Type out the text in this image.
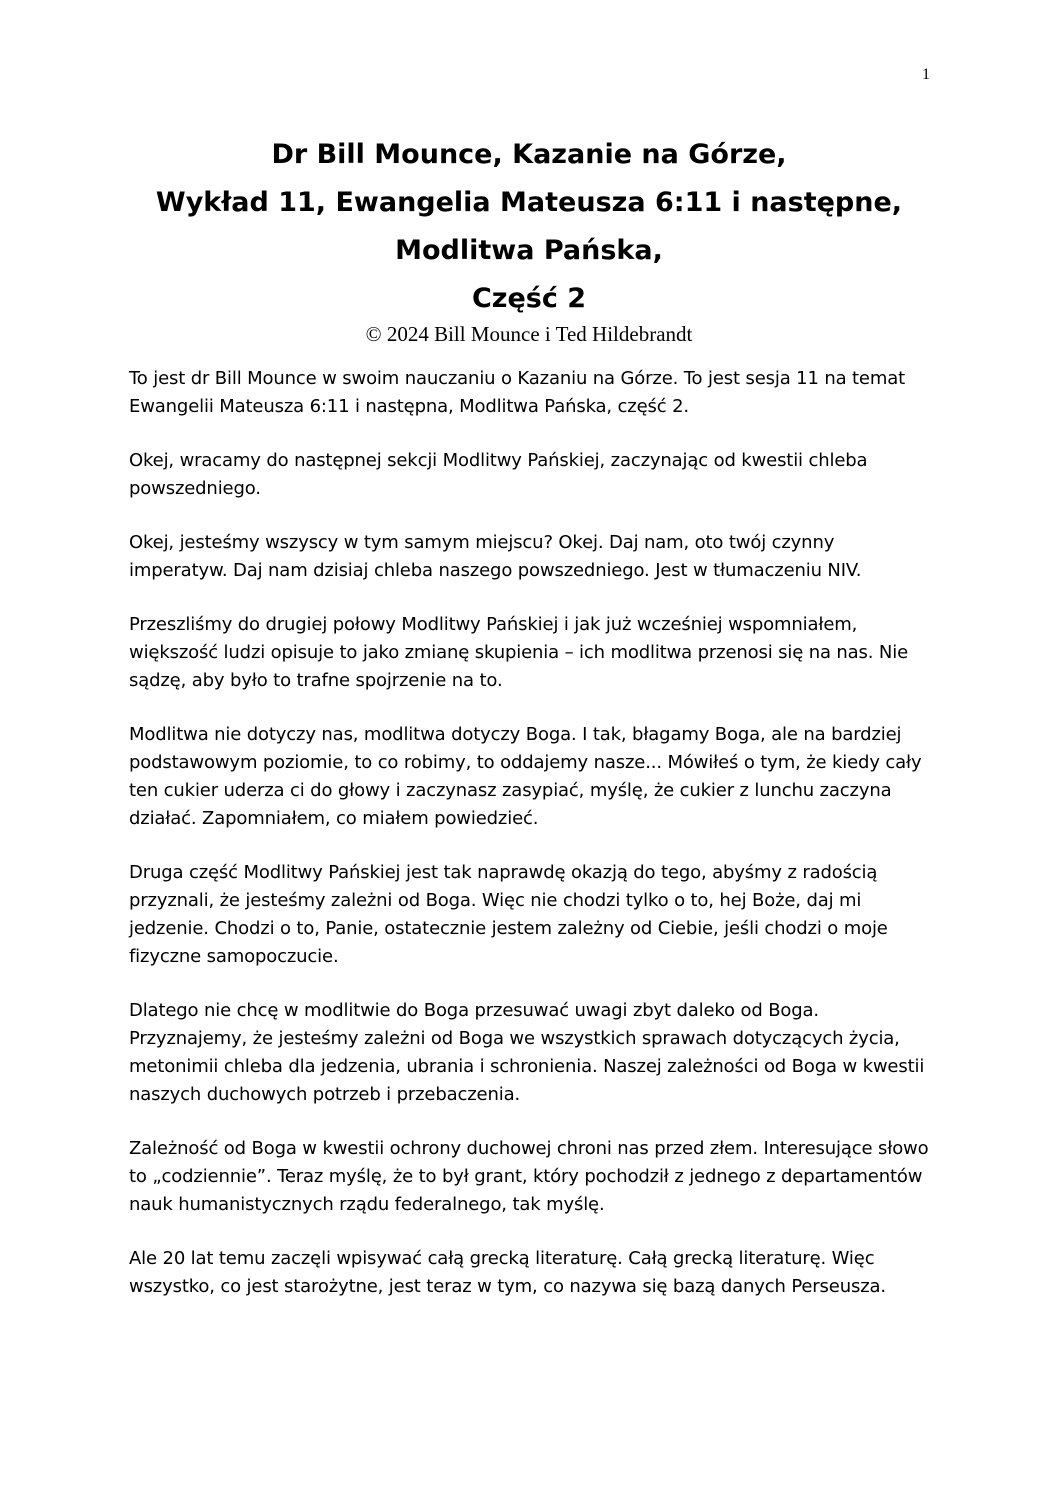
1

Dr Bill Mounce, Kazanie na Górze,

Wykład 11, Ewangelia Mateusza 6:11 i następne,

Modlitwa Pańska,

Część 2

© 2024 Bill Mounce i Ted Hildebrandt

To jest dr Bill Mounce w swoim nauczaniu o Kazaniu na Górze. To jest sesja 11 na temat Ewangelii Mateusza 6:11 i następna, Modlitwa Pańska, część 2.

Okej, wracamy do następnej sekcji Modlitwy Pańskiej, zaczynając od kwestii chleba powszedniego.

Okej, jesteśmy wszyscy w tym samym miejscu? Okej. Daj nam, oto twój czynny imperatyw. Daj nam dzisiaj chleba naszego powszedniego. Jest w tłumaczeniu NIV.

Przeszliśmy do drugiej połowy Modlitwy Pańskiej i jak już wcześniej wspomniałem, większość ludzi opisuje to jako zmianę skupienia – ich modlitwa przenosi się na nas. Nie sądzę, aby było to trafne spojrzenie na to.

Modlitwa nie dotyczy nas, modlitwa dotyczy Boga. I tak, błagamy Boga, ale na bardziej podstawowym poziomie, to co robimy, to oddajemy nasze... Mówiłeś o tym, że kiedy cały ten cukier uderza ci do głowy i zaczynasz zasypiać, myślę, że cukier z lunchu zaczyna działać. Zapomniałem, co miałem powiedzieć.

Druga część Modlitwy Pańskiej jest tak naprawdę okazją do tego, abyśmy z radością przyznali, że jesteśmy zależni od Boga. Więc nie chodzi tylko o to, hej Boże, daj mi jedzenie. Chodzi o to, Panie, ostatecznie jestem zależny od Ciebie, jeśli chodzi o moje fizyczne samopoczucie.

Dlatego nie chcę w modlitwie do Boga przesuwać uwagi zbyt daleko od Boga. Przyznajemy, że jesteśmy zależni od Boga we wszystkich sprawach dotyczących życia, metonimii chleba dla jedzenia, ubrania i schronienia. Naszej zależności od Boga w kwestii naszych duchowych potrzeb i przebaczenia.

Zależność od Boga w kwestii ochrony duchowej chroni nas przed złem. Interesujące słowo to „codziennie”. Teraz myślę, że to był grant, który pochodził z jednego z departamentów nauk humanistycznych rządu federalnego, tak myślę.

Ale 20 lat temu zaczęli wpisywać całą grecką literaturę. Całą grecką literaturę. Więc wszystko, co jest starożytne, jest teraz w tym, co nazywa się bazą danych Perseusza.
